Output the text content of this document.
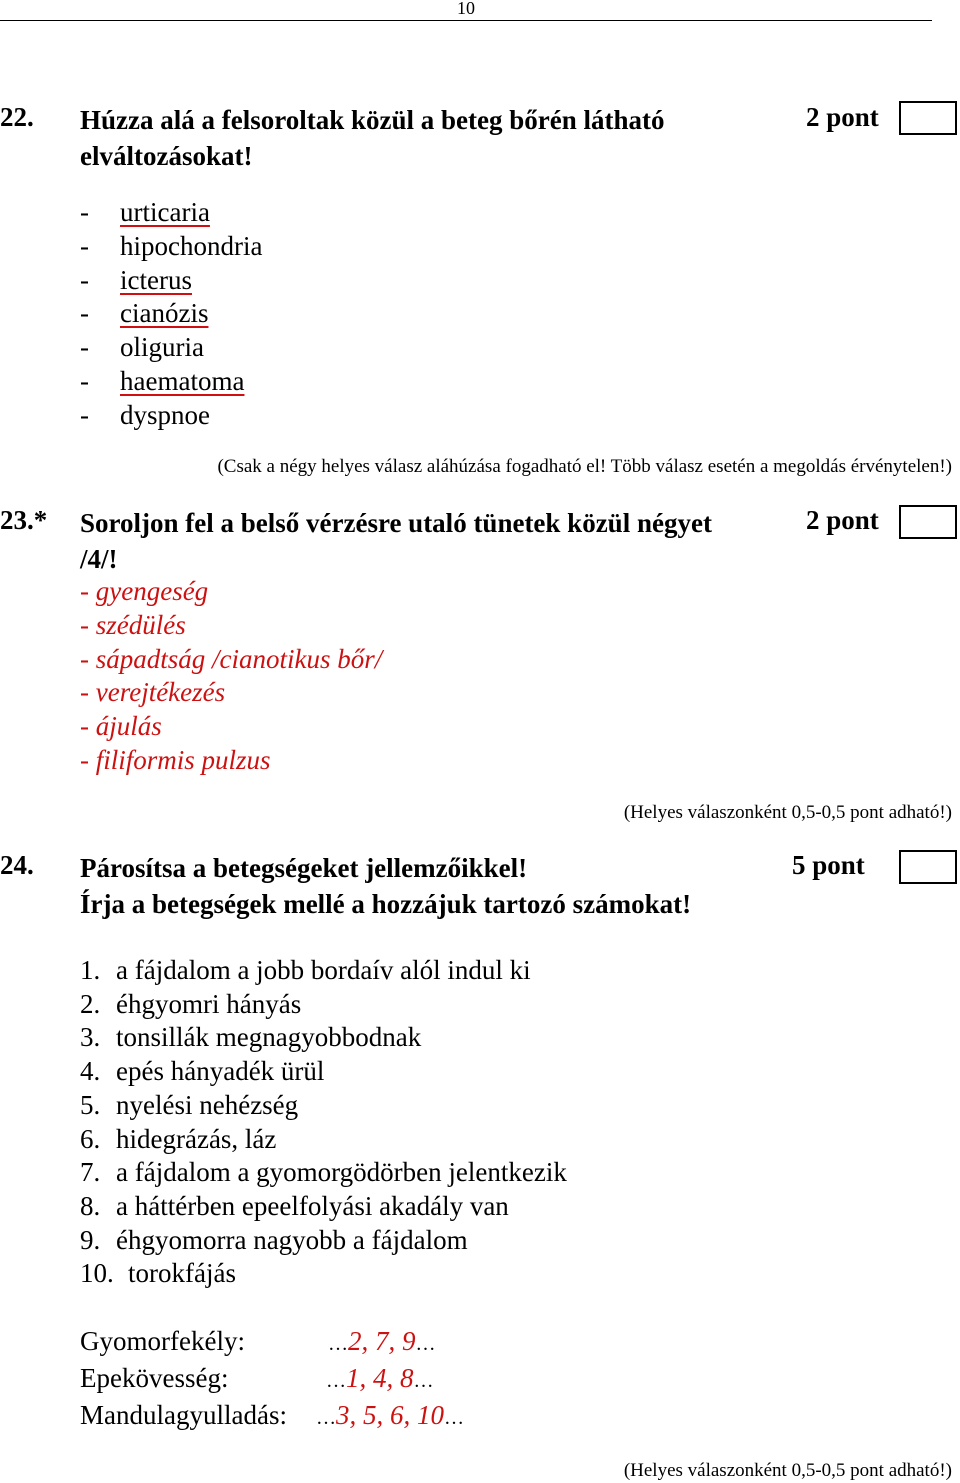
10
22. Húzza alá a felsoroltak közül a beteg bőrén látható
elváltozásokat!
2 pont
- urticaria
- hipochondria
- icterus
- cianózis
- oliguria
- haematoma
- dyspnoe
(Csak a négy helyes válasz aláhúzása fogadható el! Több válasz esetén a megoldás érvénytelen!)
23.* Soroljon fel a belső vérzésre utaló tünetek közül négyet
/4/!
2 pont
- gyengeség
- szédülés
- sápadtság /cianotikus bőr/
- verejtékezés
- ájulás
- filiformis pulzus
(Helyes válaszonként 0,5-0,5 pont adható!)
24. Párosítsa a betegségeket jellemzőikkel!
Írja a betegségek mellé a hozzájuk tartozó számokat!
5 pont
1. a fájdalom a jobb bordaív alól indul ki
2. éhgyomri hányás
3. tonsillák megnagyobbodnak
4. epés hányadék ürül
5. nyelési nehézség
6. hidegrázás, láz
7. a fájdalom a gyomorgödörben jelentkezik
8. a háttérben epeelfolyási akadály van
9. éhgyomorra nagyobb a fájdalom
10. torokfájás
Gyomorfekély:	…2, 7, 9…
Epekövesség:	…1, 4, 8…
Mandulagyulladás: …3, 5, 6, 10…
(Helyes válaszonként 0,5-0,5 pont adható!)
